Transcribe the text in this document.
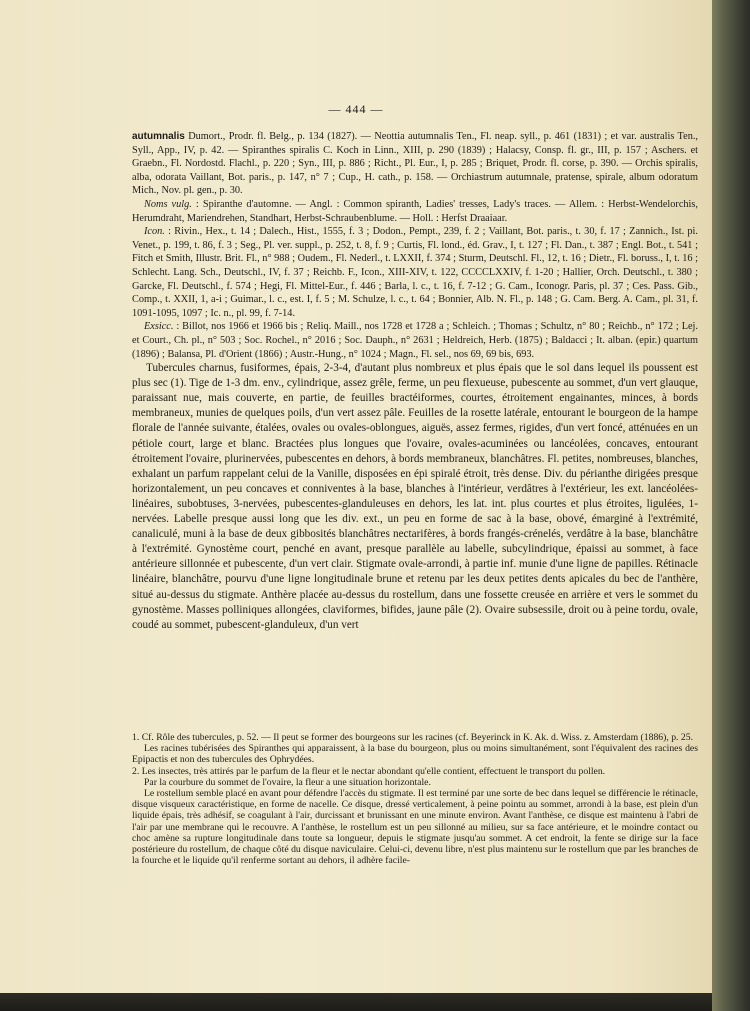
— 444 —

autumnalis Dumort., Prodr. fl. Belg., p. 134 (1827). — Neottia autumnalis Ten., Fl. neap. syll., p. 461 (1831) ; et var. australis Ten., Syll., App., IV, p. 42. — Spiranthes spiralis C. Koch in Linn., XIII, p. 290 (1839) ; Halacsy, Consp. fl. gr., III, p. 157 ; Aschers. et Graebn., Fl. Nordostd. Flachl., p. 220 ; Syn., III, p. 886 ; Richt., Pl. Eur., I, p. 285 ; Briquet, Prodr. fl. corse, p. 390. — Orchis spiralis, alba, odorata Vaillant, Bot. paris., p. 147, n° 7 ; Cup., H. cath., p. 158. — Orchiastrum autumnale, pratense, spirale, album odoratum Mich., Nov. pl. gen., p. 30.

Noms vulg. : Spiranthe d'automne. — Angl. : Common spiranth, Ladies' tresses, Lady's traces. — Allem. : Herbst-Wendelorchis, Herumdraht, Mariendrehen, Standhart, Herbst-Schraubenblume. — Holl. : Herfst Draaiaar.

Icon. : Rivin., Hex., t. 14 ; Dalech., Hist., 1555, f. 3 ; Dodon., Pempt., 239, f. 2 ; Vaillant, Bot. paris., t. 30, f. 17 ; Zannich., Ist. pi. Venet., p. 199, t. 86, f. 3 ; Seg., Pl. ver. suppl., p. 252, t. 8, f. 9 ; Curtis, Fl. lond., éd. Grav., I, t. 127 ; Fl. Dan., t. 387 ; Engl. Bot., t. 541 ; Fitch et Smith, Illustr. Brit. Fl., n° 988 ; Oudem., Fl. Nederl., t. LXXII, f. 374 ; Sturm, Deutschl. Fl., 12, t. 16 ; Dietr., Fl. boruss., I, t. 16 ; Schlecht. Lang. Sch., Deutschl., IV, f. 37 ; Reichb. F., Icon., XIII-XIV, t. 122, CCCCLXXIV, f. 1-20 ; Hallier, Orch. Deutschl., t. 380 ; Garcke, Fl. Deutschl., f. 574 ; Hegi, Fl. Mittel-Eur., f. 446 ; Barla, l. c., t. 16, f. 7-12 ; G. Cam., Iconogr. Paris, pl. 37 ; Ces. Pass. Gib., Comp., t. XXII, 1, a-i ; Guimar., l. c., est. I, f. 5 ; M. Schulze, l. c., t. 64 ; Bonnier, Alb. N. Fl., p. 148 ; G. Cam. Berg. A. Cam., pl. 31, f. 1091-1095, 1097 ; Ic. n., pl. 99, f. 7-14.

Exsicc. : Billot, nos 1966 et 1966 bis ; Reliq. Maill., nos 1728 et 1728 a ; Schleich. ; Thomas ; Schultz, n° 80 ; Reichb., n° 172 ; Lej. et Court., Ch. pl., n° 503 ; Soc. Rochel., n° 2016 ; Soc. Dauph., n° 2631 ; Heldreich, Herb. (1875) ; Baldacci ; It. alban. (epir.) quartum (1896) ; Balansa, Pl. d'Orient (1866) ; Austr.-Hung., n° 1024 ; Magn., Fl. sel., nos 69, 69 bis, 693.

Tubercules charnus, fusiformes, épais, 2-3-4, d'autant plus nombreux et plus épais que le sol dans lequel ils poussent est plus sec (1). Tige de 1-3 dm. env., cylindrique, assez grêle, ferme, un peu flexueuse, pubescente au sommet, d'un vert glauque, paraissant nue, mais couverte, en partie, de feuilles bractéiformes, courtes, étroitement engainantes, minces, à bords membraneux, munies de quelques poils, d'un vert assez pâle. Feuilles de la rosette latérale, entourant le bourgeon de la hampe florale de l'année suivante, étalées, ovales ou ovales-oblongues, aiguës, assez fermes, rigides, d'un vert foncé, atténuées en un pétiole court, large et blanc. Bractées plus longues que l'ovaire, ovales-acuminées ou lancéolées, concaves, entourant étroitement l'ovaire, plurinervées, pubescentes en dehors, à bords membraneux, blanchâtres. Fl. petites, nombreuses, blanches, exhalant un parfum rappelant celui de la Vanille, disposées en épi spiralé étroit, très dense. Div. du périanthe dirigées presque horizontalement, un peu concaves et conniventes à la base, blanches à l'intérieur, verdâtres à l'extérieur, les ext. lancéolées-linéaires, subobtuses, 3-nervées, pubescentes-glanduleuses en dehors, les lat. int. plus courtes et plus étroites, ligulées, 1-nervées. Labelle presque aussi long que les div. ext., un peu en forme de sac à la base, obové, émarginé à l'extrémité, canaliculé, muni à la base de deux gibbosités blanchâtres nectarifères, à bords frangés-crénelés, verdâtre à la base, blanchâtre à l'extrémité. Gynostème court, penché en avant, presque parallèle au labelle, subcylindrique, épaissi au sommet, à face antérieure sillonnée et pubescente, d'un vert clair. Stigmate ovale-arrondi, à partie inf. munie d'une ligne de papilles. Rétinacle linéaire, blanchâtre, pourvu d'une ligne longitudinale brune et retenu par les deux petites dents apicales du bec de l'anthère, situé au-dessus du stigmate. Anthère placée au-dessus du rostellum, dans une fossette creusée en arrière et vers le sommet du gynostème. Masses polliniques allongées, claviformes, bifides, jaune pâle (2). Ovaire subsessile, droit ou à peine tordu, ovale, coudé au sommet, pubescent-glanduleux, d'un vert

1. Cf. Rôle des tubercules, p. 52. — Il peut se former des bourgeons sur les racines (cf. Beyerinck in K. Ak. d. Wiss. z. Amsterdam (1886), p. 25.

Les racines tubérisées des Spiranthes qui apparaissent, à la base du bourgeon, plus ou moins simultanément, sont l'équivalent des racines des Epipactis et non des tubercules des Ophrydées.

2. Les insectes, très attirés par le parfum de la fleur et le nectar abondant qu'elle contient, effectuent le transport du pollen.

Par la courbure du sommet de l'ovaire, la fleur a une situation horizontale.

Le rostellum semble placé en avant pour défendre l'accès du stigmate. Il est terminé par une sorte de bec dans lequel se différencie le rétinacle, disque visqueux caractéristique, en forme de nacelle. Ce disque, dressé verticalement, à peine pointu au sommet, arrondi à la base, est plein d'un liquide épais, très adhésif, se coagulant à l'air, durcissant et brunissant en une minute environ. Avant l'anthèse, ce disque est maintenu à l'abri de l'air par une membrane qui le recouvre. A l'anthèse, le rostellum est un peu sillonné au milieu, sur sa face antérieure, et le moindre contact ou choc amène sa rupture longitudinale dans toute sa longueur, depuis le stigmate jusqu'au sommet. A cet endroit, la fente se dirige sur la face postérieure du rostellum, de chaque côté du disque naviculaire. Celui-ci, devenu libre, n'est plus maintenu sur le rostellum que par les branches de la fourche et le liquide qu'il renferme sortant au dehors, il adhère facile-
